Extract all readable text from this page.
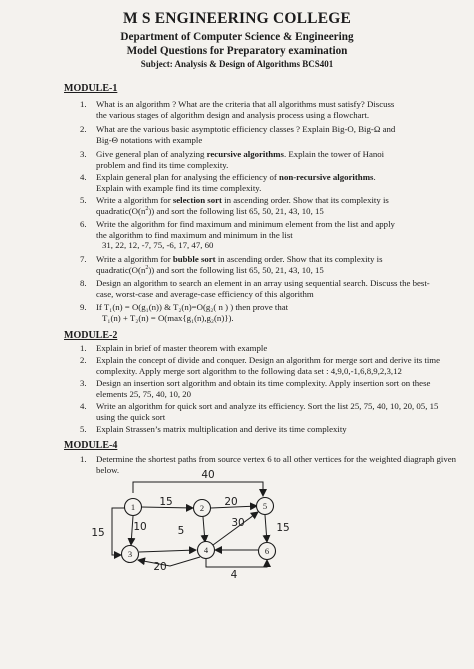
M S ENGINEERING COLLEGE
Department of Computer Science & Engineering
Model Questions for Preparatory examination
Subject: Analysis & Design of Algorithms BCS401
MODULE-1
1. What is an algorithm ? What are the criteria that all algorithms must satisfy? Discuss
the various stages of algorithm design and analysis process using a flowchart.
2. What are the various basic asymptotic efficiency classes ? Explain Big-O, Big-Ω and
Big-Θ notations with example
3. Give general plan of analyzing recursive algorithms. Explain the tower of Hanoi
problem and find its time complexity.
4. Explain general plan for analysing the efficiency of non-recursive algorithms.
Explain with example find its time complexity.
5. Write a algorithm for selection sort in ascending order. Show that its complexity is
$quadratic(O(n^2))$ and sort the following list 65, 50, 21, 43, 10, 15
6. Write the algorithm for find maximum and minimum element from the list and apply
the algorithm to find maximum and minimum in the list
31, 22, 12, -7, 75, -6, 17, 47, 60
7. Write a algorithm for bubble sort in ascending order. Show that its complexity is
$quadratic(O(n^2))$ and sort the following list 65, 50, 21, 43, 10, 15
8. Design an algorithm to search an element in an array using sequential search. Discuss the best-
case, worst-case and average-case efficiency of this algorithm
9. If T₁(n) = O(g₁(n)) & T₂(n)=O(g₂( n ) ) then prove that
T₁(n) + T₂(n) = O(max{g₁(n),g₂(n)}).
MODULE-2
1. Explain in brief of master theorem with example
2. Explain the concept of divide and conquer. Design an algorithm for merge sort and derive its time
complexity. Apply merge sort algorithm to the following data set : 4,9,0,-1,6,8,9,2,3,12
3. Design an insertion sort algorithm and obtain its time complexity. Apply insertion sort on these
elements 25, 75, 40, 10, 20
4. Write an algorithm for quick sort and analyze its efficiency. Sort the list 25, 75, 40, 10, 20, 05, 15
using the quick sort
5. Explain Strassen’s matrix multiplication and derive its time complexity
MODULE-4
1. Determine the shortest paths from source vertex 6 to all other vertices for the weighted diagraph given
below.
1	2
3	4
5
6
40
15	20
15	10	5
30
20
4
15
